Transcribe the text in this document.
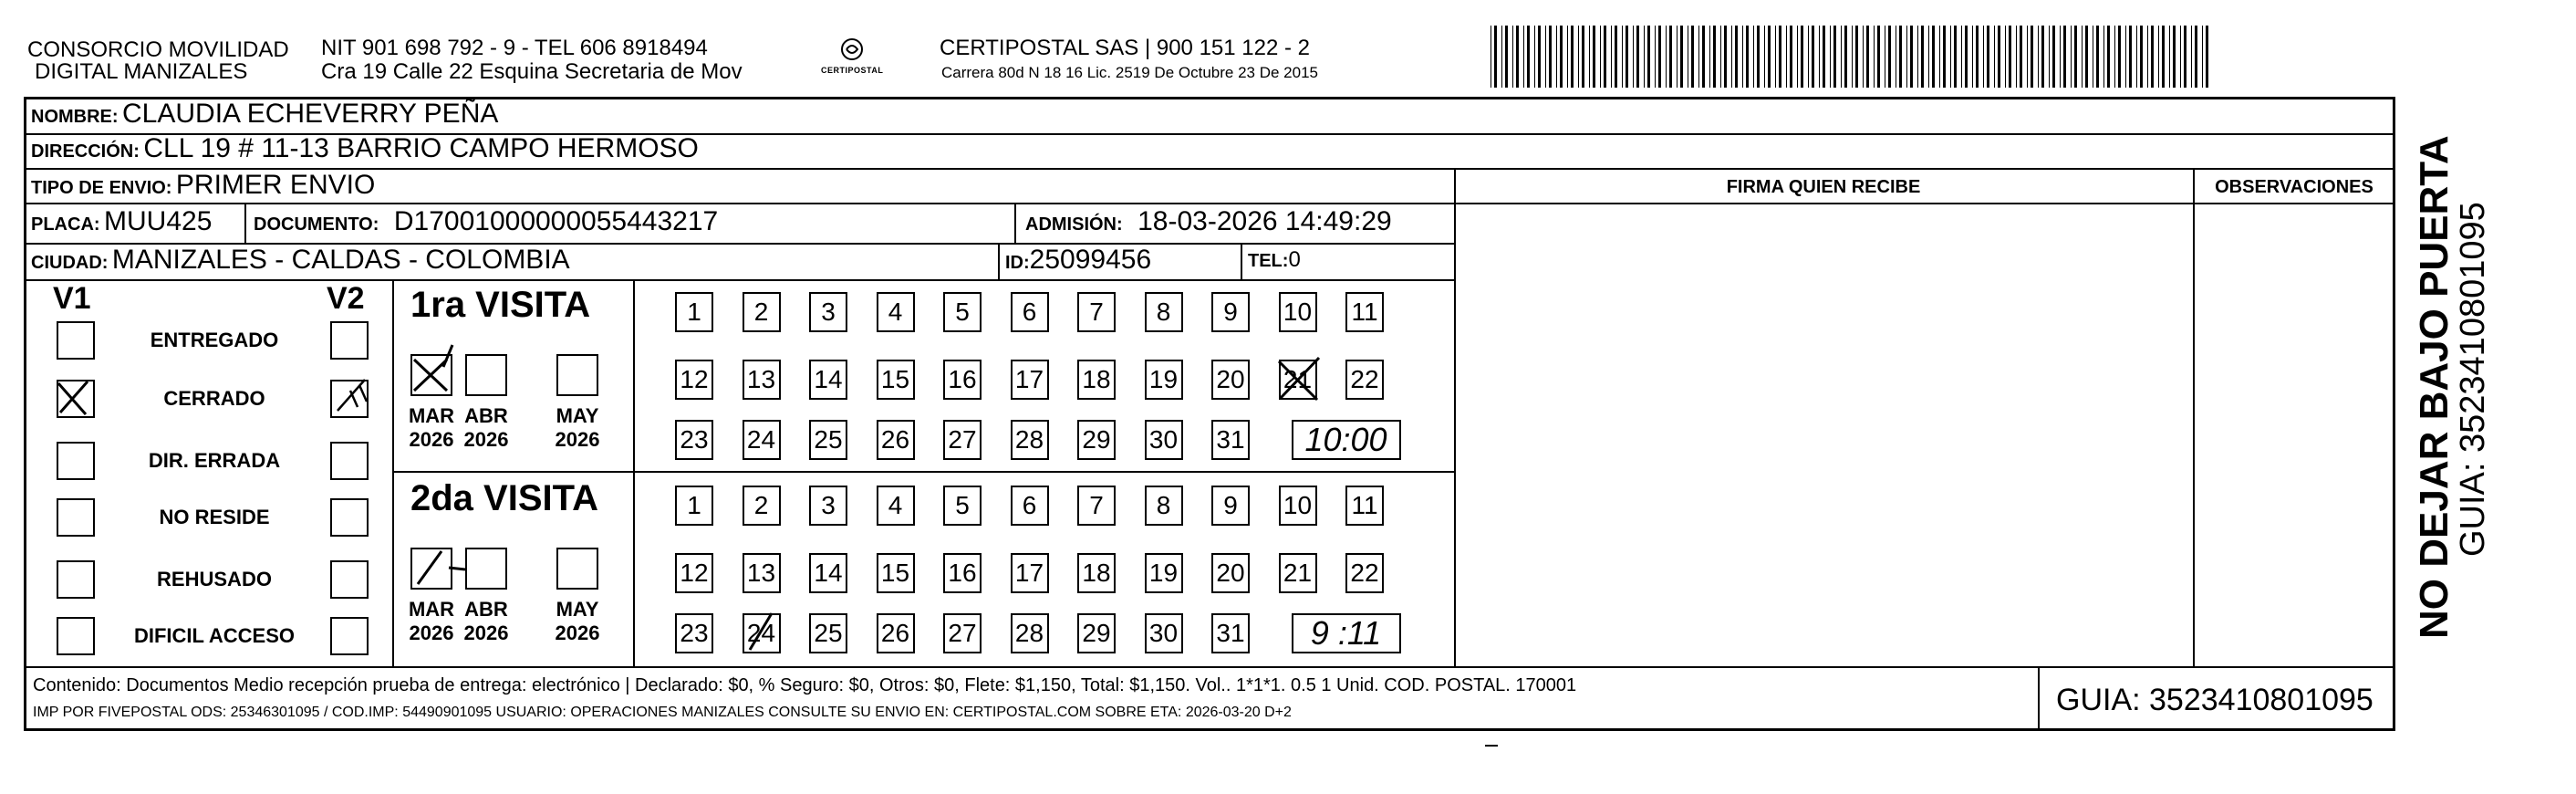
CONSORCIO MOVILIDAD
DIGITAL MANIZALES
NIT 901 698 792 - 9 - TEL 606 8918494
Cra 19 Calle 22 Esquina Secretaria de Mov	CERTIPOSTAL
CERTIPOSTAL SAS | 900 151 122 - 2
Carrera 80d N 18 16 Lic. 2519 De Octubre 23 De 2015
NOMBRE: CLAUDIA ECHEVERRY PEÑA
DIRECCIÓN: CLL 19 # 11-13 BARRIO CAMPO HERMOSO
TIPO DE ENVIO: PRIMER ENVIO
PLACA: MUU425 DOCUMENTO: D17001000000055443217	ADMISIÓN: 18-03-2026 14:49:29
CIUDAD: MANIZALES - CALDAS - COLOMBIA	ID:25099456	TEL:0
FIRMA QUIEN RECIBE	OBSERVACIONES
V1	V2
ENTREGADO
CERRADO
DIR. ERRADA
NO RESIDE
REHUSADO
DIFICIL ACCESO
1ra VISITA
MAR
2026
ABR
2026
MAY
2026
1	2	3	4	5	6	7	8	9	10 11
12 13 14 15 16 17 18 19 20 21 22
23 24 25 26 27 28 29 30 31	10:00
2da VISITA
MAR
2026
ABR
2026
MAY
2026
1	2	3	4	5	6	7	8	9	10 11
12 13 14 15 16 17 18 19 20 21 22
23 24 25 26 27 28 29 30 31	9 :11
Contenido: Documentos Medio recepción prueba de entrega: electrónico | Declarado: $0, % Seguro: $0, Otros: $0, Flete: $1,150, Total: $1,150. Vol.. 1*1*1. 0.5 1 Unid. COD. POSTAL. 170001
IMP POR FIVEPOSTAL ODS: 25346301095 / COD.IMP: 54490901095 USUARIO: OPERACIONES MANIZALES CONSULTE SU ENVIO EN: CERTIPOSTAL.COM SOBRE ETA: 2026-03-20 D+2	GUIA: 3523410801095
NO DEJAR BAJO PUERTA
GUIA: 3523410801095
